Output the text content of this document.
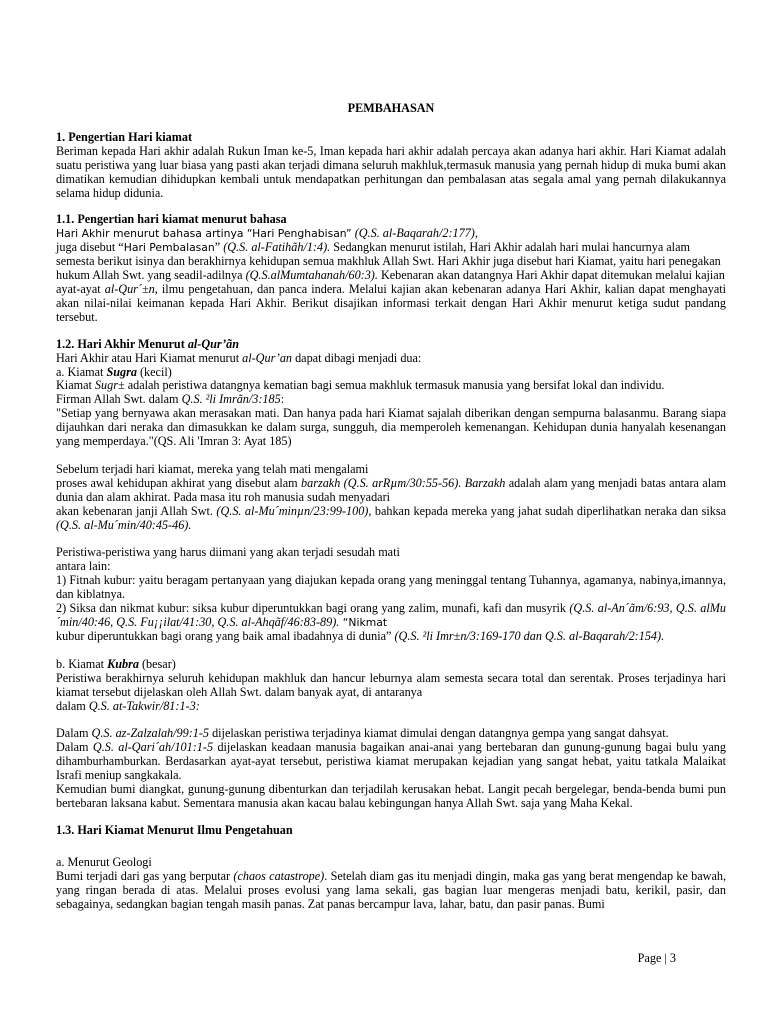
PEMBAHASAN

1. Pengertian Hari kiamat

Beriman kepada Hari akhir adalah Rukun Iman ke-5, Iman kepada hari akhir adalah percaya akan adanya hari akhir. Hari Kiamat adalah suatu peristiwa yang luar biasa yang pasti akan terjadi dimana seluruh makhluk,termasuk manusia yang pernah hidup di muka bumi akan dimatikan kemudian dihidupkan kembali untuk mendapatkan perhitungan dan pembalasan atas segala amal yang pernah dilakukannya selama hidup didunia.

1.1. Pengertian hari kiamat menurut bahasa

Hari Akhir menurut bahasa artinya “Hari Penghabisan” (Q.S. al-Baqarah/2:177),

juga disebut “Hari Pembalasan” (Q.S. al-Fatihãh/1:4). Sedangkan menurut istilah, Hari Akhir adalah hari mulai hancurnya alam semesta berikut isinya dan berakhirnya kehidupan semua makhluk Allah Swt. Hari Akhir juga disebut hari Kiamat, yaitu hari penegakan hukum Allah Swt. yang seadil-adilnya (Q.S.alMumtahanah/60:3). Kebenaran akan datangnya Hari Akhir dapat ditemukan melalui kajian

ayat-ayat al-Qur´±n, ilmu pengetahuan, dan panca indera. Melalui kajian akan kebenaran adanya Hari Akhir, kalian dapat menghayati akan nilai-nilai keimanan kepada Hari Akhir. Berikut disajikan informasi terkait dengan Hari Akhir menurut ketiga sudut pandang tersebut.

1.2. Hari Akhir Menurut al-Qur’ãn

Hari Akhir atau Hari Kiamat menurut al-Qur’an dapat dibagi menjadi dua:

a. Kiamat Sugra (kecil)

Kiamat Sugr± adalah peristiwa datangnya kematian bagi semua makhluk termasuk manusia yang bersifat lokal dan individu.

Firman Allah Swt. dalam Q.S. ²li Imrãn/3:185:

"Setiap yang bernyawa akan merasakan mati. Dan hanya pada hari Kiamat sajalah diberikan dengan sempurna balasanmu. Barang siapa dijauhkan dari neraka dan dimasukkan ke dalam surga, sungguh, dia memperoleh kemenangan. Kehidupan dunia hanyalah kesenangan yang memperdaya."(QS. Ali 'Imran 3: Ayat 185)

Sebelum terjadi hari kiamat, mereka yang telah mati mengalami

proses awal kehidupan akhirat yang disebut alam barzakh (Q.S. arRµm/30:55-56). Barzakh adalah alam yang menjadi batas antara alam dunia dan alam akhirat. Pada masa itu roh manusia sudah menyadari

akan kebenaran janji Allah Swt. (Q.S. al-Mu´minµn/23:99-100), bahkan kepada mereka yang jahat sudah diperlihatkan neraka dan siksa (Q.S. al-Mu´min/40:45-46).

Peristiwa-peristiwa yang harus diimani yang akan terjadi sesudah mati

antara lain:

1) Fitnah kubur: yaitu beragam pertanyaan yang diajukan kepada orang yang meninggal tentang Tuhannya, agamanya, nabinya,imannya, dan kiblatnya.

2) Siksa dan nikmat kubur: siksa kubur diperuntukkan bagi orang yang zalim, munafi, kafi dan musyrik (Q.S. al-An´ãm/6:93, Q.S. alMu´min/40:46, Q.S. Fu¡¡ilat/41:30, Q.S. al-Ahqãf/46:83-89). “Nikmat

kubur diperuntukkan bagi orang yang baik amal ibadahnya di dunia” (Q.S. ²li Imr±n/3:169-170 dan Q.S. al-Baqarah/2:154).

b. Kiamat Kubra (besar)

Peristiwa berakhirnya seluruh kehidupan makhluk dan hancur leburnya alam semesta secara total dan serentak. Proses terjadinya hari kiamat tersebut dijelaskan oleh Allah Swt. dalam banyak ayat, di antaranya

dalam Q.S. at-Takwir/81:1-3:

Dalam Q.S. az-Zalzalah/99:1-5 dijelaskan peristiwa terjadinya kiamat dimulai dengan datangnya gempa yang sangat dahsyat.

Dalam Q.S. al-Qari´ah/101:1-5 dijelaskan keadaan manusia bagaikan anai-anai yang bertebaran dan gunung-gunung bagai bulu yang dihamburhamburkan. Berdasarkan ayat-ayat tersebut, peristiwa kiamat merupakan kejadian yang sangat hebat, yaitu tatkala Malaikat Israfi meniup sangkakala.

Kemudian bumi diangkat, gunung-gunung dibenturkan dan terjadilah kerusakan hebat. Langit pecah bergelegar, benda-benda bumi pun bertebaran laksana kabut. Sementara manusia akan kacau balau kebingungan hanya Allah Swt. saja yang Maha Kekal.

1.3. Hari Kiamat Menurut Ilmu Pengetahuan

a. Menurut Geologi

Bumi terjadi dari gas yang berputar (chaos catastrope). Setelah diam gas itu menjadi dingin, maka gas yang berat mengendap ke bawah, yang ringan berada di atas. Melalui proses evolusi yang lama sekali, gas bagian luar mengeras menjadi batu, kerikil, pasir, dan sebagainya, sedangkan bagian tengah masih panas. Zat panas bercampur lava, lahar, batu, dan pasir panas. Bumi

Page | 3
